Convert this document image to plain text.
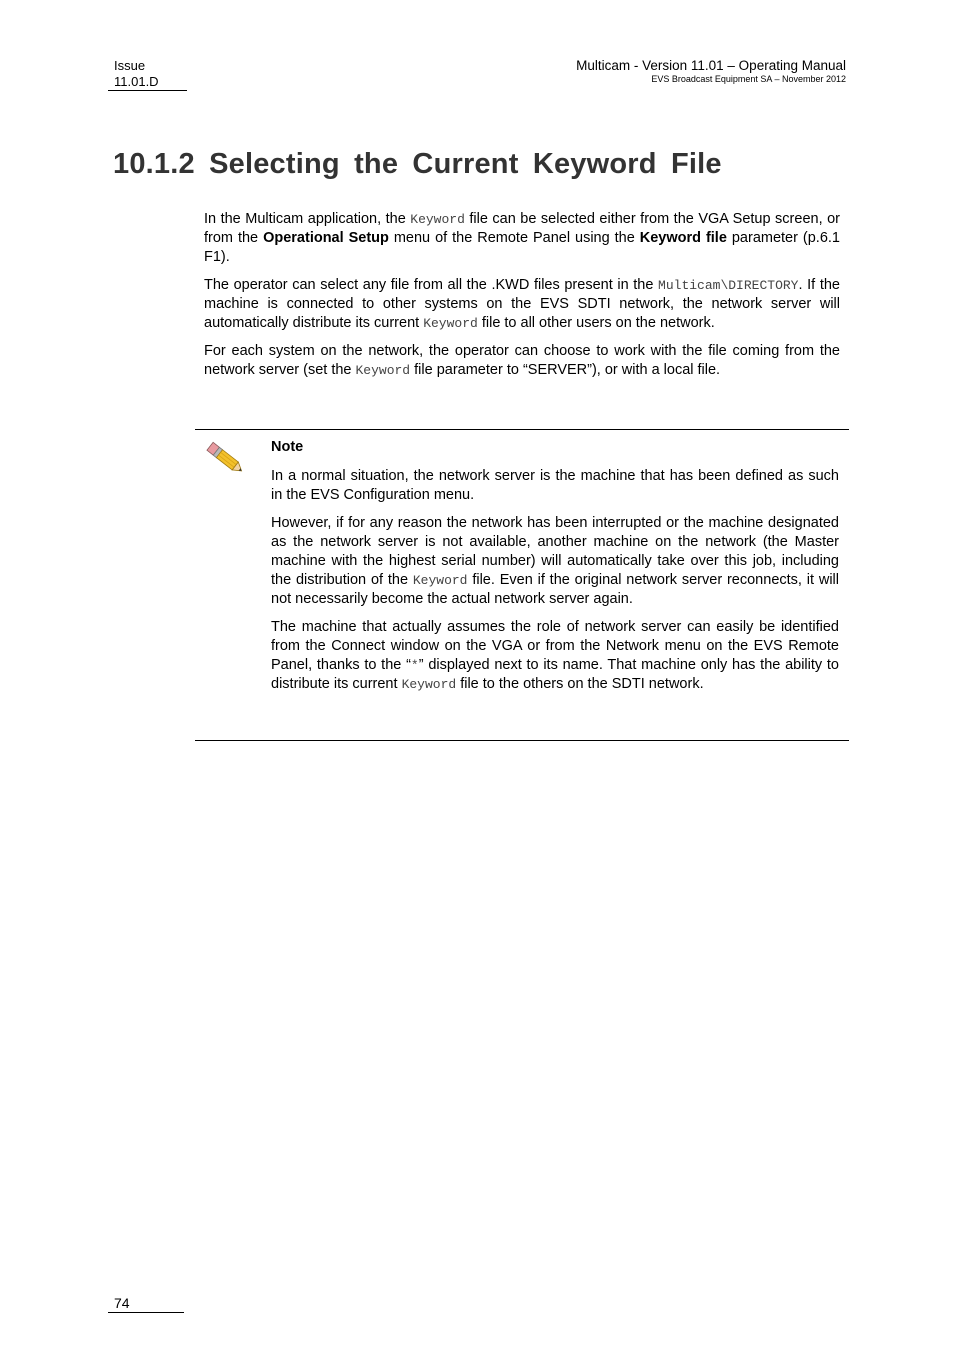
Issue
11.01.D
Multicam - Version 11.01 – Operating Manual
EVS Broadcast Equipment SA – November 2012
10.1.2 Selecting the Current Keyword File

In the Multicam application, the Keyword file can be selected either from the VGA Setup screen, or from the Operational Setup menu of the Remote Panel using the Keyword file parameter (p.6.1 F1).

The operator can select any file from all the .KWD files present in the Multicam\DIRECTORY. If the machine is connected to other systems on the EVS SDTI network, the network server will automatically distribute its current Keyword file to all other users on the network.

For each system on the network, the operator can choose to work with the file coming from the network server (set the Keyword file parameter to “SERVER”), or with a local file.

Note

In a normal situation, the network server is the machine that has been defined as such in the EVS Configuration menu.

However, if for any reason the network has been interrupted or the machine designated as the network server is not available, another machine on the network (the Master machine with the highest serial number) will automatically take over this job, including the distribution of the Keyword file. Even if the original network server reconnects, it will not necessarily become the actual network server again.

The machine that actually assumes the role of network server can easily be identified from the Connect window on the VGA or from the Network menu on the EVS Remote Panel, thanks to the “*” displayed next to its name. That machine only has the ability to distribute its current Keyword file to the others on the SDTI network.

74
